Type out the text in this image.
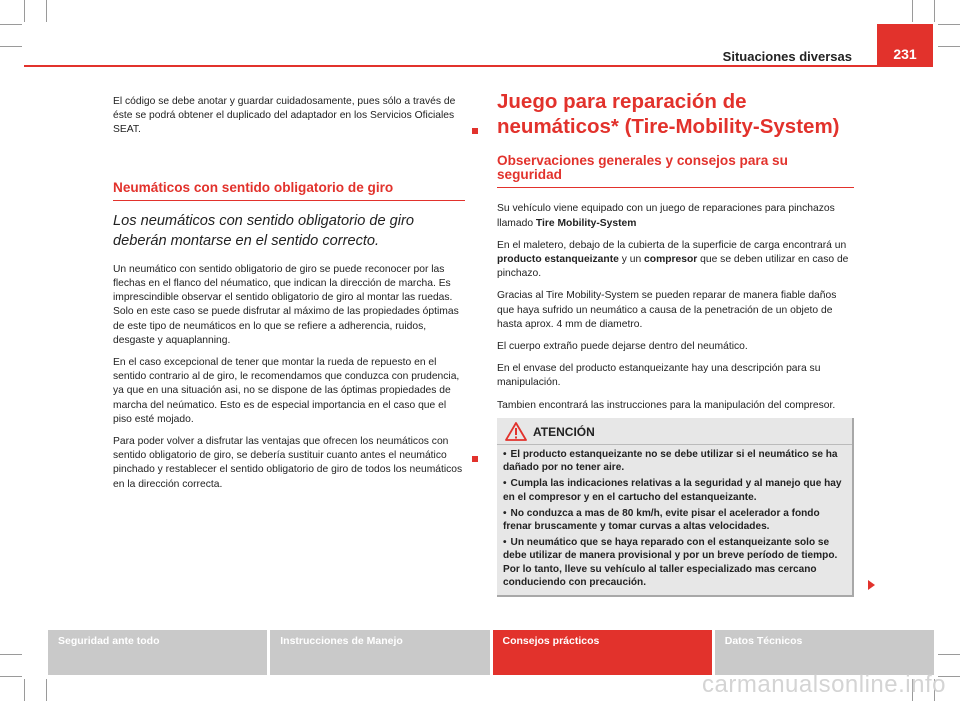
Situaciones diversas	231

El código se debe anotar y guardar cuidadosamente, pues sólo a través de éste se podrá obtener el duplicado del adaptador en los Servicios Oficiales SEAT.

Neumáticos con sentido obligatorio de giro
Los neumáticos con sentido obligatorio de giro deberán montarse en el sentido correcto.

Un neumático con sentido obligatorio de giro se puede reconocer por las flechas en el flanco del néumatico, que indican la dirección de marcha. Es imprescindible observar el sentido obligatorio de giro al montar las ruedas. Solo en este caso se puede disfrutar al máximo de las propiedades óptimas de este tipo de neumáticos en lo que se refiere a adherencia, ruidos, desgaste y aquaplanning.

En el caso excepcional de tener que montar la rueda de repuesto en el sentido contrario al de giro, le recomendamos que conduzca con prudencia, ya que en una situación asi, no se dispone de las óptimas propiedades de marcha del neúmatico. Esto es de especial importancia en el caso que el piso esté mojado.

Para poder volver a disfrutar las ventajas que ofrecen los neumáticos con sentido obligatorio de giro, se debería sustituir cuanto antes el neumático pinchado y restablecer el sentido obligatorio de giro de todos los neumáticos en la dirección correcta.

Juego para reparación de neumáticos* (Tire-Mobility-System)
Observaciones generales y consejos para su seguridad

Su vehículo viene equipado con un juego de reparaciones para pinchazos llamado Tire Mobility-System

En el maletero, debajo de la cubierta de la superficie de carga encontrará un producto estanqueizante y un compresor que se deben utilizar en caso de pinchazo.

Gracias al Tire Mobility-System se pueden reparar de manera fiable daños que haya sufrido un neumático a causa de la penetración de un objeto de hasta aprox. 4 mm de diametro.

El cuerpo extraño puede dejarse dentro del neumático.

En el envase del producto estanqueizante hay una descripción para su manipulación.

Tambien encontrará las instrucciones para la manipulación del compresor.

ATENCIÓN
• El producto estanqueizante no se debe utilizar si el neumático se ha dañado por no tener aire.
• Cumpla las indicaciones relativas a la seguridad y al manejo que hay en el compresor y en el cartucho del estanqueizante.
• No conduzca a mas de 80 km/h, evite pisar el acelerador a fondo frenar bruscamente y tomar curvas a altas velocidades.
• Un neumático que se haya reparado con el estanqueizante solo se debe utilizar de manera provisional y por un breve período de tiempo. Por lo tanto, lleve su vehículo al taller especializado mas cercano conduciendo con precaución.
Seguridad ante todo	Instrucciones de Manejo	Consejos prácticos	Datos Técnicos
carmanualsonline.info
